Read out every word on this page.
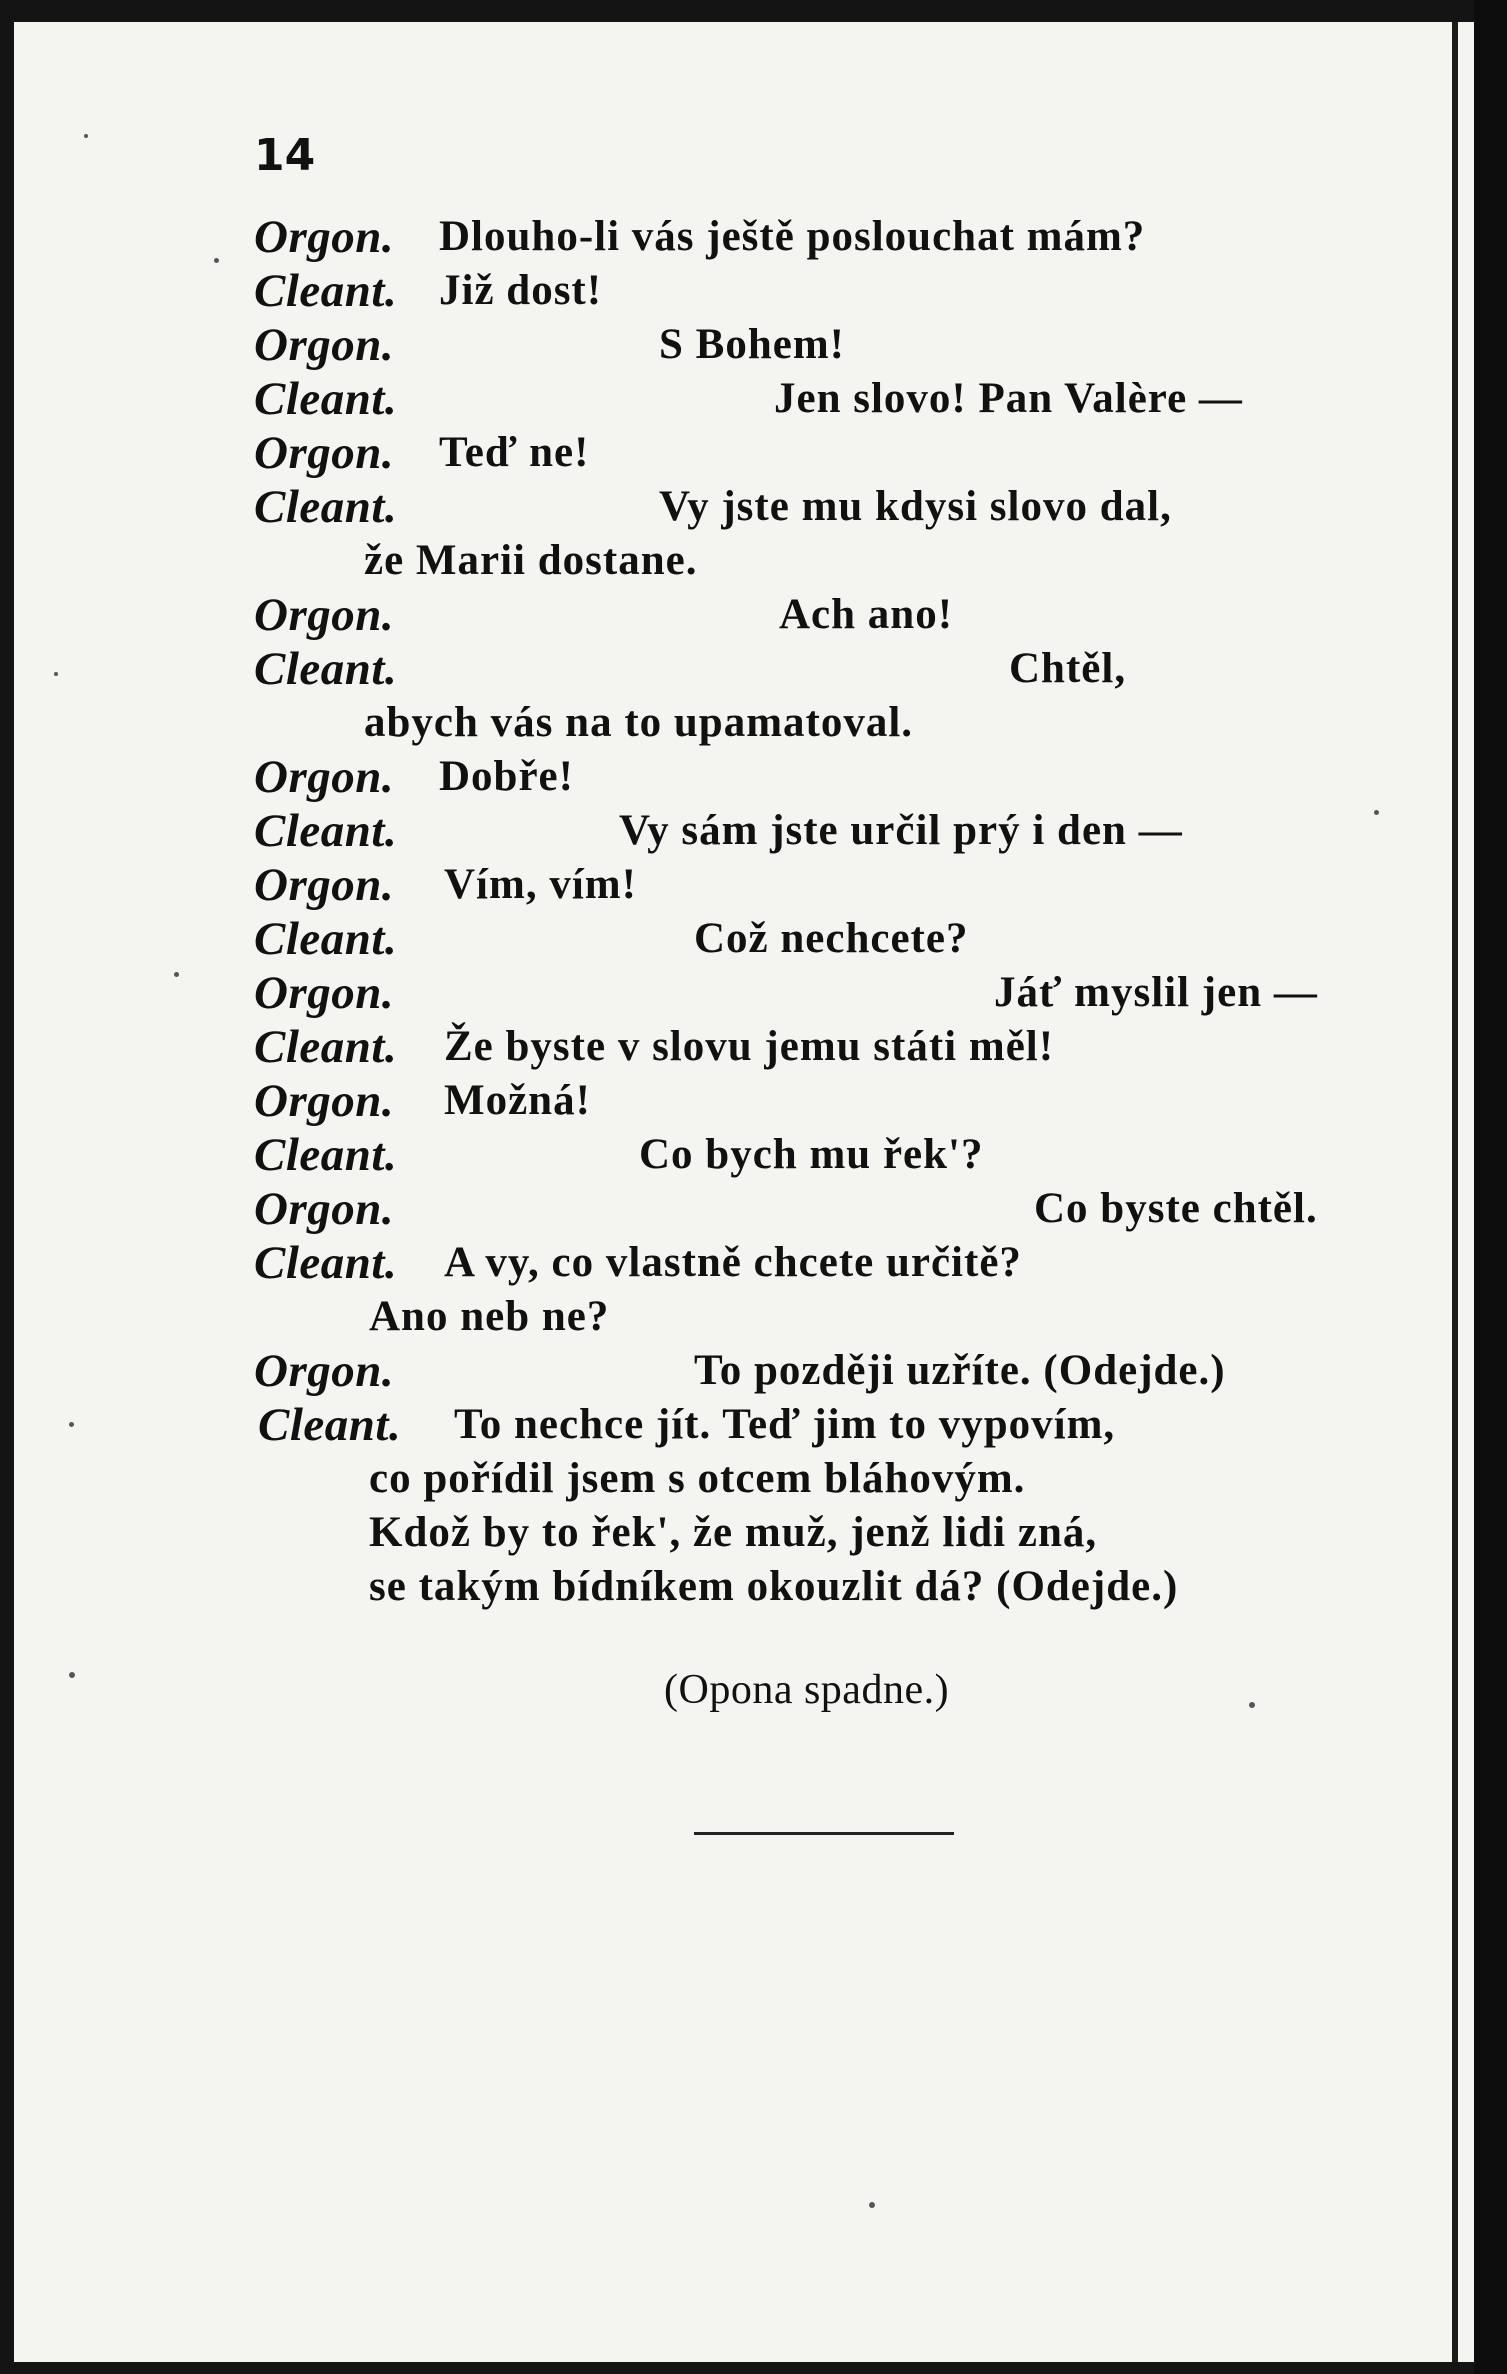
14
Orgon. Dlouho-li vás ještě poslouchat mám?
Cleant. Již dost!
Orgon.	S Bohem!
Cleant.	Jen slovo! Pan Valère —
Orgon. Teď ne!
Cleant.	Vy jste mu kdysi slovo dal,
že Marii dostane.
Orgon.	Ach ano!
Cleant.	Chtěl,
abych vás na to upamatoval.
Orgon. Dobře!
Cleant.	Vy sám jste určil prý i den —
Orgon. Vím, vím!
Cleant.	Což nechcete?
Orgon.	Jáť myslil jen —
Cleant. Že byste v slovu jemu státi měl!
Orgon. Možná!
Cleant.	Co bych mu řek'?
Orgon.	Co byste chtěl.
Cleant. A vy, co vlastně chcete určitě?
Ano neb ne?
Orgon.	To později uzříte. (Odejde.)
Cleant. To nechce jít. Teď jim to vypovím,
co pořídil jsem s otcem bláhovým.
Kdož by to řek', že muž, jenž lidi zná,
se takým bídníkem okouzlit dá? (Odejde.)
(Opona spadne.)
